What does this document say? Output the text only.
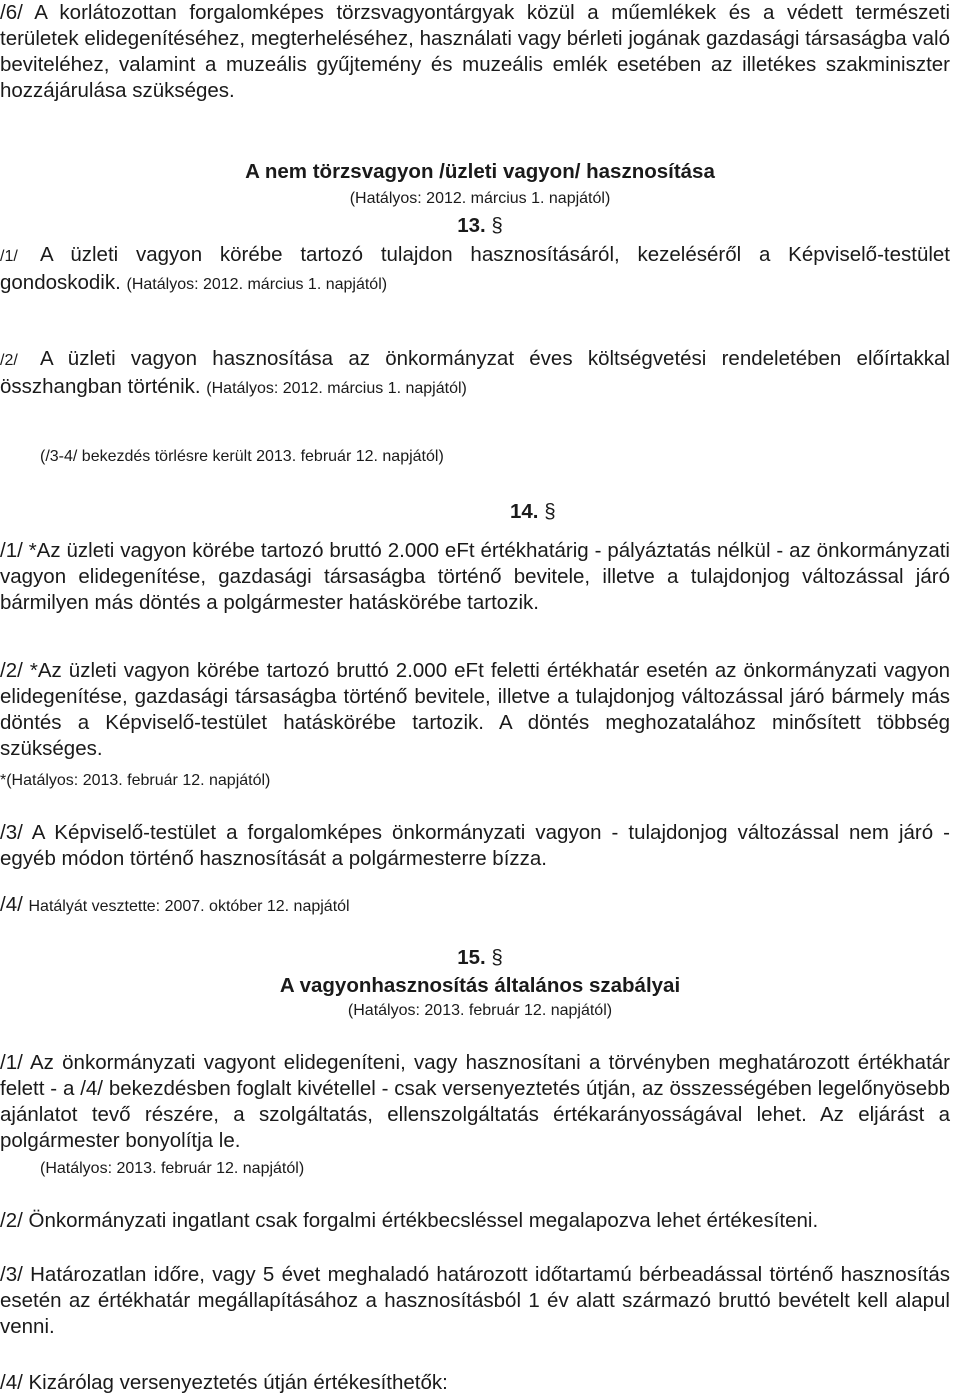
/6/ A korlátozottan forgalomképes törzsvagyontárgyak közül a műemlékek és a védett természeti területek elidegenítéséhez, megterheléséhez, használati vagy bérleti jogának gazdasági társaságba való beviteléhez, valamint a muzeális gyűjtemény és muzeális emlék esetében az illetékes szakminiszter hozzájárulása szükséges.
A nem törzsvagyon /üzleti vagyon/ hasznosítása
(Hatályos: 2012. március 1. napjától)
13. §
/1/ A üzleti vagyon körébe tartozó tulajdon hasznosításáról, kezeléséről a Képviselő-testület gondoskodik. (Hatályos: 2012. március 1. napjától)
/2/ A üzleti vagyon hasznosítása az önkormányzat éves költségvetési rendeletében előírtakkal összhangban történik. (Hatályos: 2012. március 1. napjától)
(/3-4/ bekezdés törlésre került 2013. február 12. napjától)
14. §
/1/ *Az üzleti vagyon körébe tartozó bruttó 2.000 eFt értékhatárig - pályáztatás nélkül - az önkormányzati vagyon elidegenítése, gazdasági társaságba történő bevitele, illetve a tulajdonjog változással járó bármilyen más döntés a polgármester hatáskörébe tartozik.
/2/ *Az üzleti vagyon körébe tartozó bruttó 2.000 eFt feletti értékhatár esetén az önkormányzati vagyon elidegenítése, gazdasági társaságba történő bevitele, illetve a tulajdonjog változással járó bármely más döntés a Képviselő-testület hatáskörébe tartozik. A döntés meghozatalához minősített többség szükséges.
*(Hatályos: 2013. február 12. napjától)
/3/ A Képviselő-testület a forgalomképes önkormányzati vagyon - tulajdonjog változással nem járó - egyéb módon történő hasznosítását a polgármesterre bízza.
/4/ Hatályát vesztette: 2007. október 12. napjától
15. §
A vagyonhasznosítás általános szabályai
(Hatályos: 2013. február 12. napjától)
/1/ Az önkormányzati vagyont elidegeníteni, vagy hasznosítani a törvényben meghatározott értékhatár felett - a /4/ bekezdésben foglalt kivétellel - csak versenyeztetés útján, az összességében legelőnyösebb ajánlatot tevő részére, a szolgáltatás, ellenszolgáltatás értékarányosságával lehet. Az eljárást a polgármester bonyolítja le.
(Hatályos: 2013. február 12. napjától)
/2/ Önkormányzati ingatlant csak forgalmi értékbecsléssel megalapozva lehet értékesíteni.
/3/ Határozatlan időre, vagy 5 évet meghaladó határozott időtartamú bérbeadással történő hasznosítás esetén az értékhatár megállapításához a hasznosításból 1 év alatt származó bruttó bevételt kell alapul venni.
/4/ Kizárólag versenyeztetés útján értékesíthetők:
